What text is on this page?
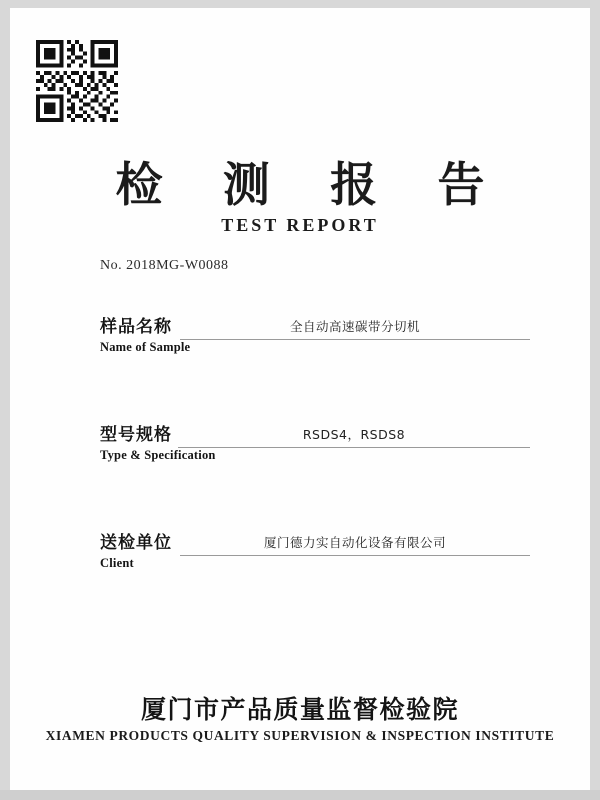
检 测 报 告
TEST REPORT
No. 2018MG-W0088
样品名称
Name of Sample
全自动高速碳带分切机
型号规格
Type & Specification
RSDS4，RSDS8
送检单位
Client
厦门德力实自动化设备有限公司
厦门市产品质量监督检验院
XIAMEN PRODUCTS QUALITY SUPERVISION & INSPECTION INSTITUTE
